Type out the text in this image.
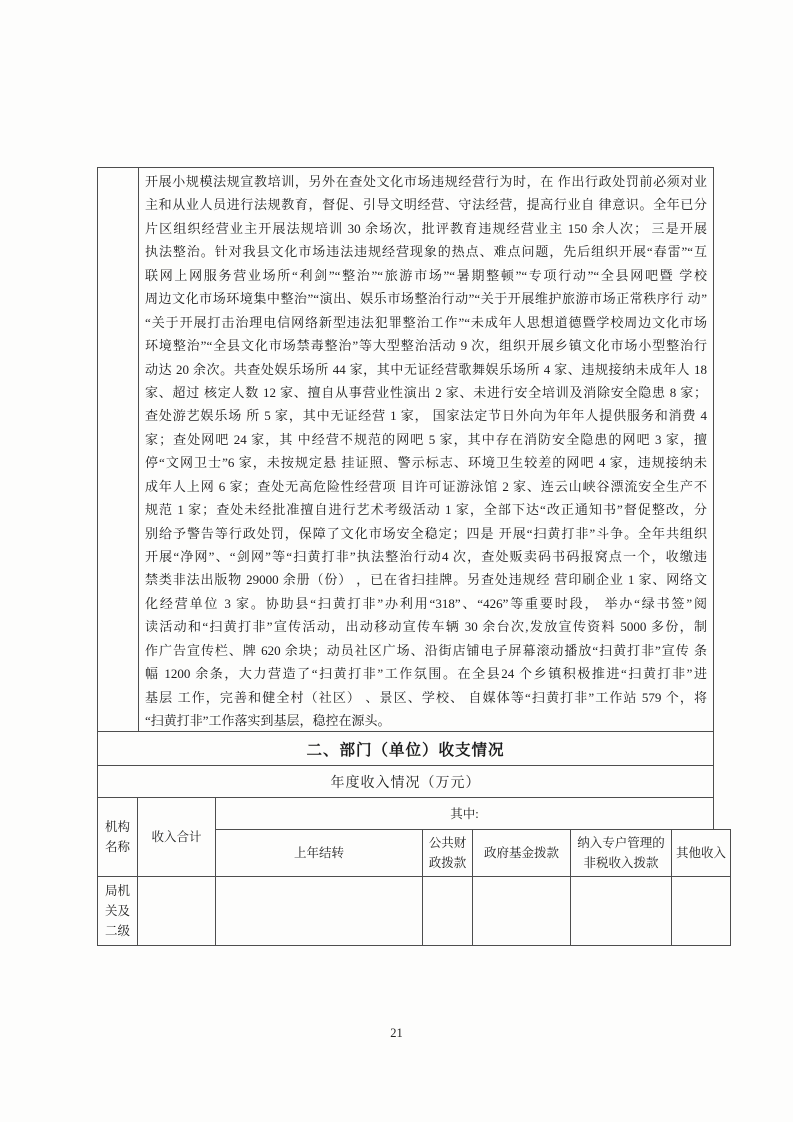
开展小规模法规宣教培训，另外在查处文化市场违规经营行为时，在 作出行政处罚前必须对业
主和从业人员进行法规教育，督促、引导文明经营、守法经营，提高行业自 律意识。全年已分
片区组织经营业主开展法规培训 30 余场次，批评教育违规经营业主 150 余人次； 三是开展
执法整治。针对我县文化市场违法违规经营现象的热点、难点问题，先后组织开展“春雷”“互
联网上网服务营业场所“利剑”“整治”“旅游市场”“暑期整顿”“专项行动”“全县网吧暨 学校
周边文化市场环境集中整治”“演出、娱乐市场整治行动”“关于开展维护旅游市场正常秩序行 动”
“关于开展打击治理电信网络新型违法犯罪整治工作”“未成年人思想道德暨学校周边文化市场
环境整治”“全县文化市场禁毒整治”等大型整治活动 9 次，组织开展乡镇文化市场小型整治行
动达 20 余次。共查处娱乐场所 44 家，其中无证经营歌舞娱乐场所 4 家、违规接纳未成年人 18
家、超过 核定人数 12 家、擅自从事营业性演出 2 家、未进行安全培训及消除安全隐患 8 家；
查处游艺娱乐场 所 5 家，其中无证经营 1 家， 国家法定节日外向为年年人提供服务和消费 4
家；查处网吧 24 家，其 中经营不规范的网吧 5 家，其中存在消防安全隐患的网吧 3 家，擅
停“文网卫士”6 家，未按规定悬 挂证照、警示标志、环境卫生较差的网吧 4 家，违规接纳未
成年人上网 6 家；查处无高危险性经营项 目许可证游泳馆 2 家、连云山峡谷漂流安全生产不
规范 1 家；查处未经批准擅自进行艺术考级活动 1 家，全部下达“改正通知书”督促整改，分
别给予警告等行政处罚，保障了文化市场安全稳定；四是 开展“扫黄打非”斗争。全年共组织
开展“净网”、“剑网”等“扫黄打非”执法整治行动4 次，查处贩卖码书码报窝点一个，收缴违
禁类非法出版物 29000 余册（份） ，已在省扫挂牌。另查处违规经 营印刷企业 1 家、网络文
化经营单位 3 家。协助县“扫黄打非”办利用“318”、“426”等重要时段， 举办“绿书签”阅
读活动和“扫黄打非”宣传活动，出动移动宣传车辆 30 余台次,发放宣传资料 5000 多份，制
作广告宣传栏、牌 620 余块；动员社区广场、沿街店铺电子屏幕滚动播放“扫黄打非”宣传 条
幅 1200 余条，大力营造了“扫黄打非”工作氛围。在全县24 个乡镇积极推进“扫黄打非”进
基层 工作，完善和健全村（社区） 、景区、学校、 自媒体等“扫黄打非”工作站 579 个，将
“扫黄打非”工作落实到基层，稳控在源头。
二、部门（单位）收支情况
年度收入情况（万元）
机构名称
收入合计
其中:
上年结转
公共财政拨款
政府基金拨款
纳入专户管理的非税收入拨款
其他收入
局机关及二级
21
